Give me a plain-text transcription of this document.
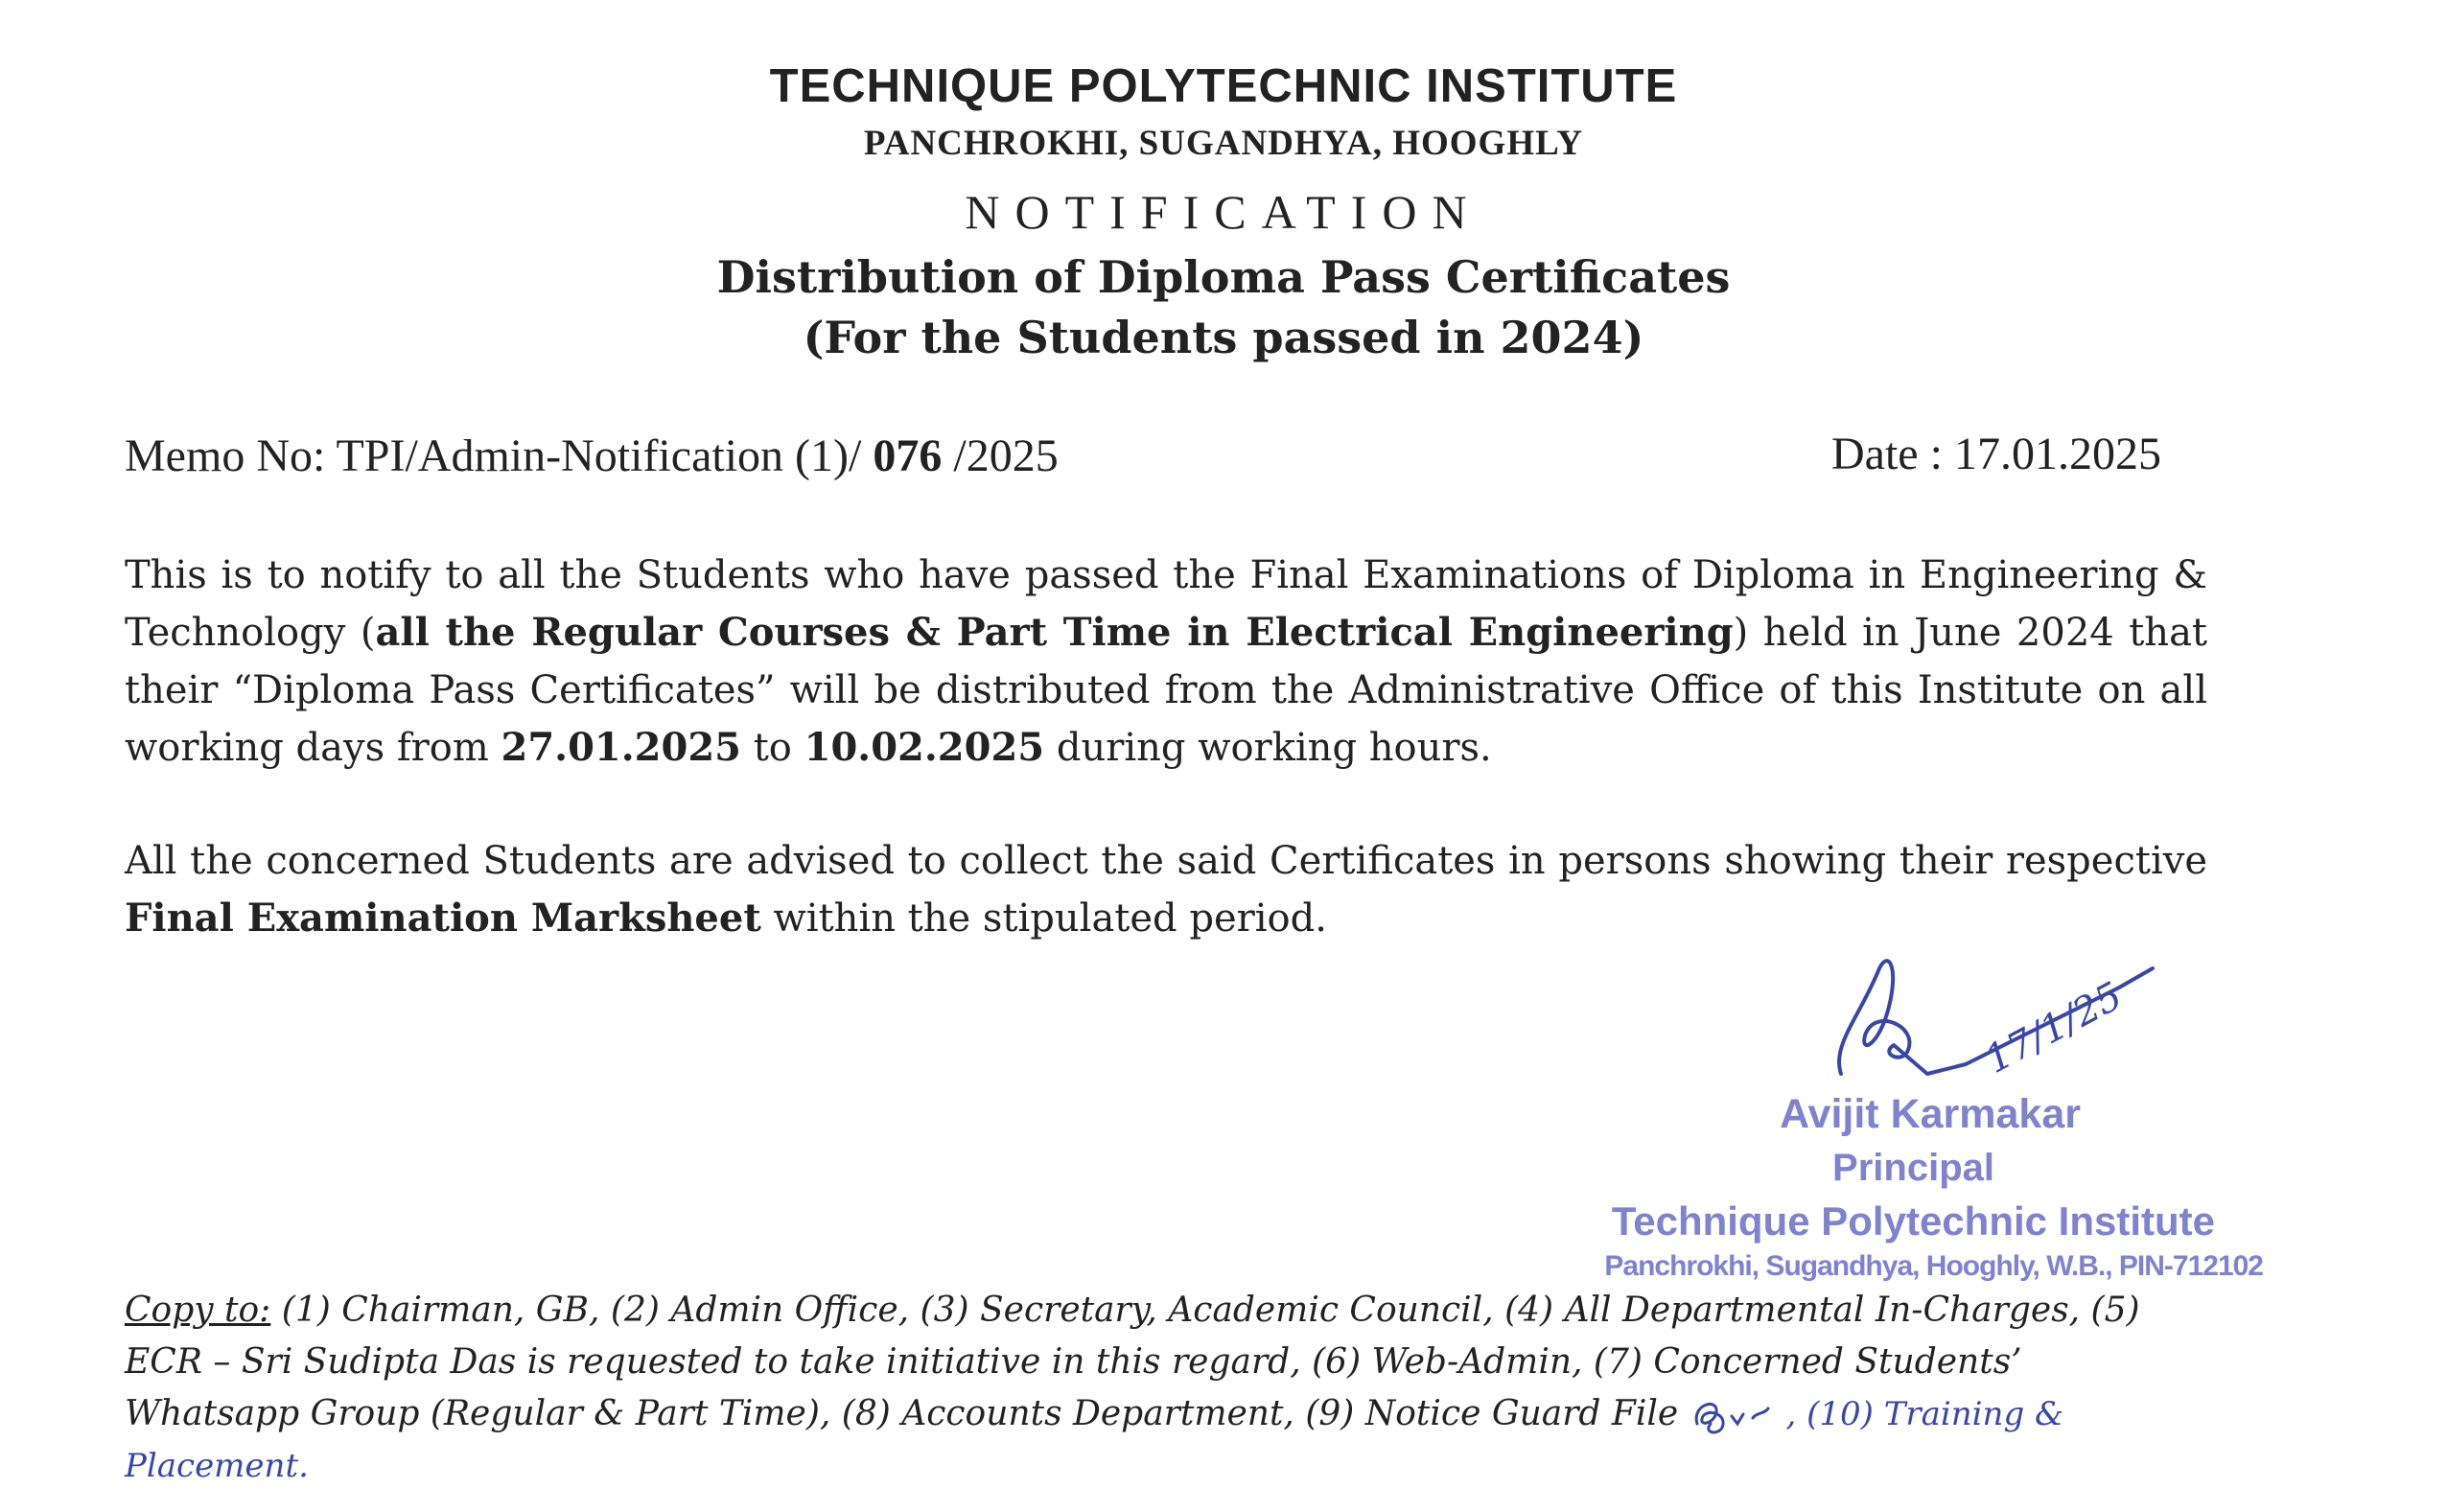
TECHNIQUE POLYTECHNIC INSTITUTE
PANCHROKHI, SUGANDHYA, HOOGHLY
NOTIFICATION
Distribution of Diploma Pass Certificates
(For the Students passed in 2024)
Memo No: TPI/Admin-Notification (1)/ 076 /2025	Date : 17.01.2025
This is to notify to all the Students who have passed the Final Examinations of Diploma in Engineering & Technology (all the Regular Courses & Part Time in Electrical Engineering) held in June 2024 that their “Diploma Pass Certificates” will be distributed from the Administrative Office of this Institute on all working days from 27.01.2025 to 10.02.2025 during working hours.
All the concerned Students are advised to collect the said Certificates in persons showing their respective Final Examination Marksheet within the stipulated period.
17/1/25
Avijit Karmakar
Principal
Technique Polytechnic Institute
Panchrokhi, Sugandhya, Hooghly, W.B., PIN-712102
Copy to: (1) Chairman, GB, (2) Admin Office, (3) Secretary, Academic Council, (4) All Departmental In-Charges, (5) ECR – Sri Sudipta Das is requested to take initiative in this regard, (6) Web-Admin, (7) Concerned Students’ Whatsapp Group (Regular & Part Time), (8) Accounts Department, (9) Notice Guard File	, (10) Training & Placement.
